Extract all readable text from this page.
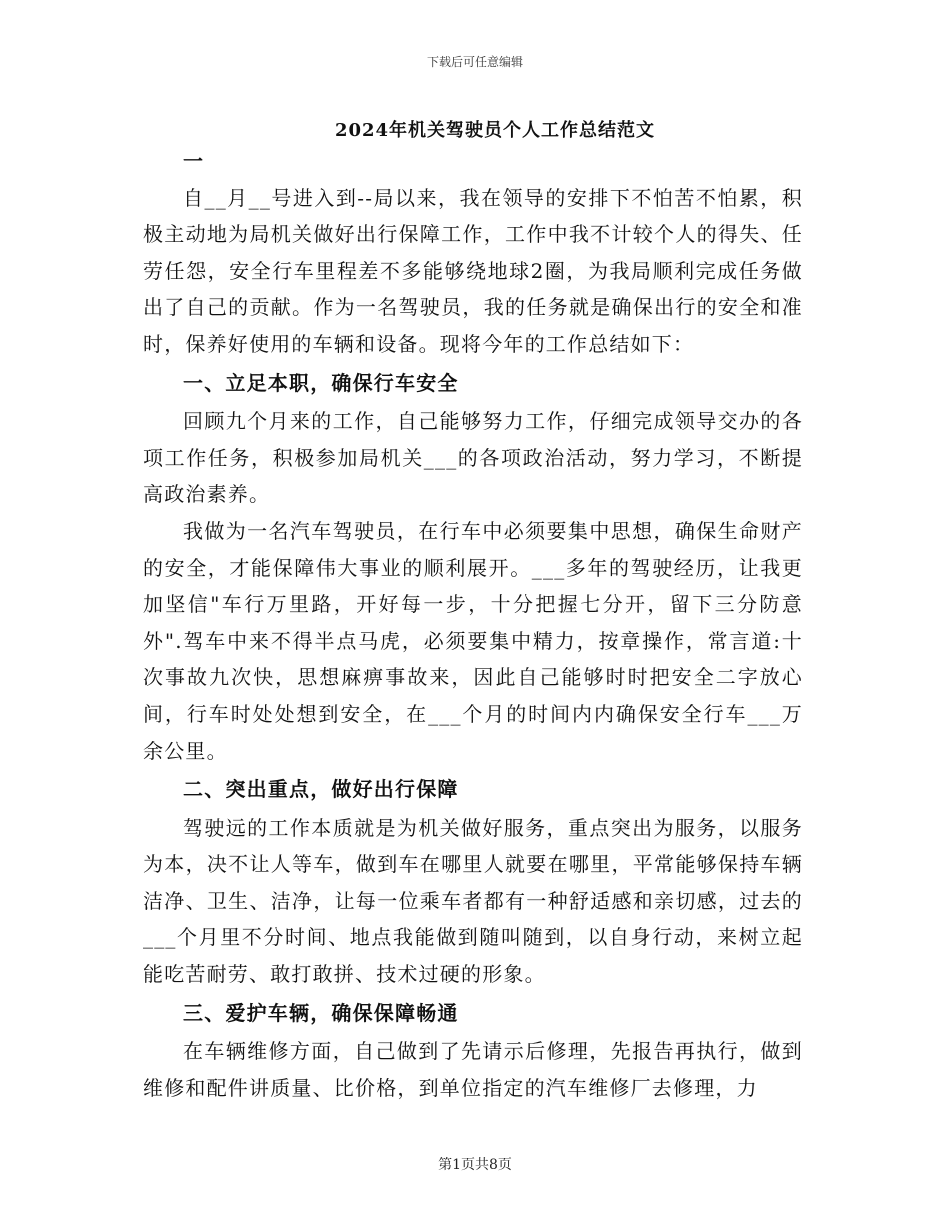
下载后可任意编辑
2024年机关驾驶员个人工作总结范文

一

自__月__号进入到--局以来，我在领导的安排下不怕苦不怕累，积极主动地为局机关做好出行保障工作，工作中我不计较个人的得失、任劳任怨，安全行车里程差不多能够绕地球2圈，为我局顺利完成任务做出了自己的贡献。作为一名驾驶员，我的任务就是确保出行的安全和准时，保养好使用的车辆和设备。现将今年的工作总结如下：

一、立足本职，确保行车安全

回顾九个月来的工作，自己能够努力工作，仔细完成领导交办的各项工作任务，积极参加局机关___的各项政治活动，努力学习，不断提高政治素养。

我做为一名汽车驾驶员，在行车中必须要集中思想，确保生命财产的安全，才能保障伟大事业的顺利展开。___多年的驾驶经历，让我更加坚信"车行万里路，开好每一步，十分把握七分开，留下三分防意外".驾车中来不得半点马虎，必须要集中精力，按章操作，常言道:十次事故九次快，思想麻痹事故来，因此自己能够时时把安全二字放心间，行车时处处想到安全，在___个月的时间内内确保安全行车___万余公里。

二、突出重点，做好出行保障

驾驶远的工作本质就是为机关做好服务，重点突出为服务，以服务为本，决不让人等车，做到车在哪里人就要在哪里，平常能够保持车辆洁净、卫生、洁净，让每一位乘车者都有一种舒适感和亲切感，过去的___个月里不分时间、地点我能做到随叫随到，以自身行动，来树立起能吃苦耐劳、敢打敢拼、技术过硬的形象。

三、爱护车辆，确保保障畅通

在车辆维修方面，自己做到了先请示后修理，先报告再执行，做到维修和配件讲质量、比价格，到单位指定的汽车维修厂去修理，力

第1页共8页
